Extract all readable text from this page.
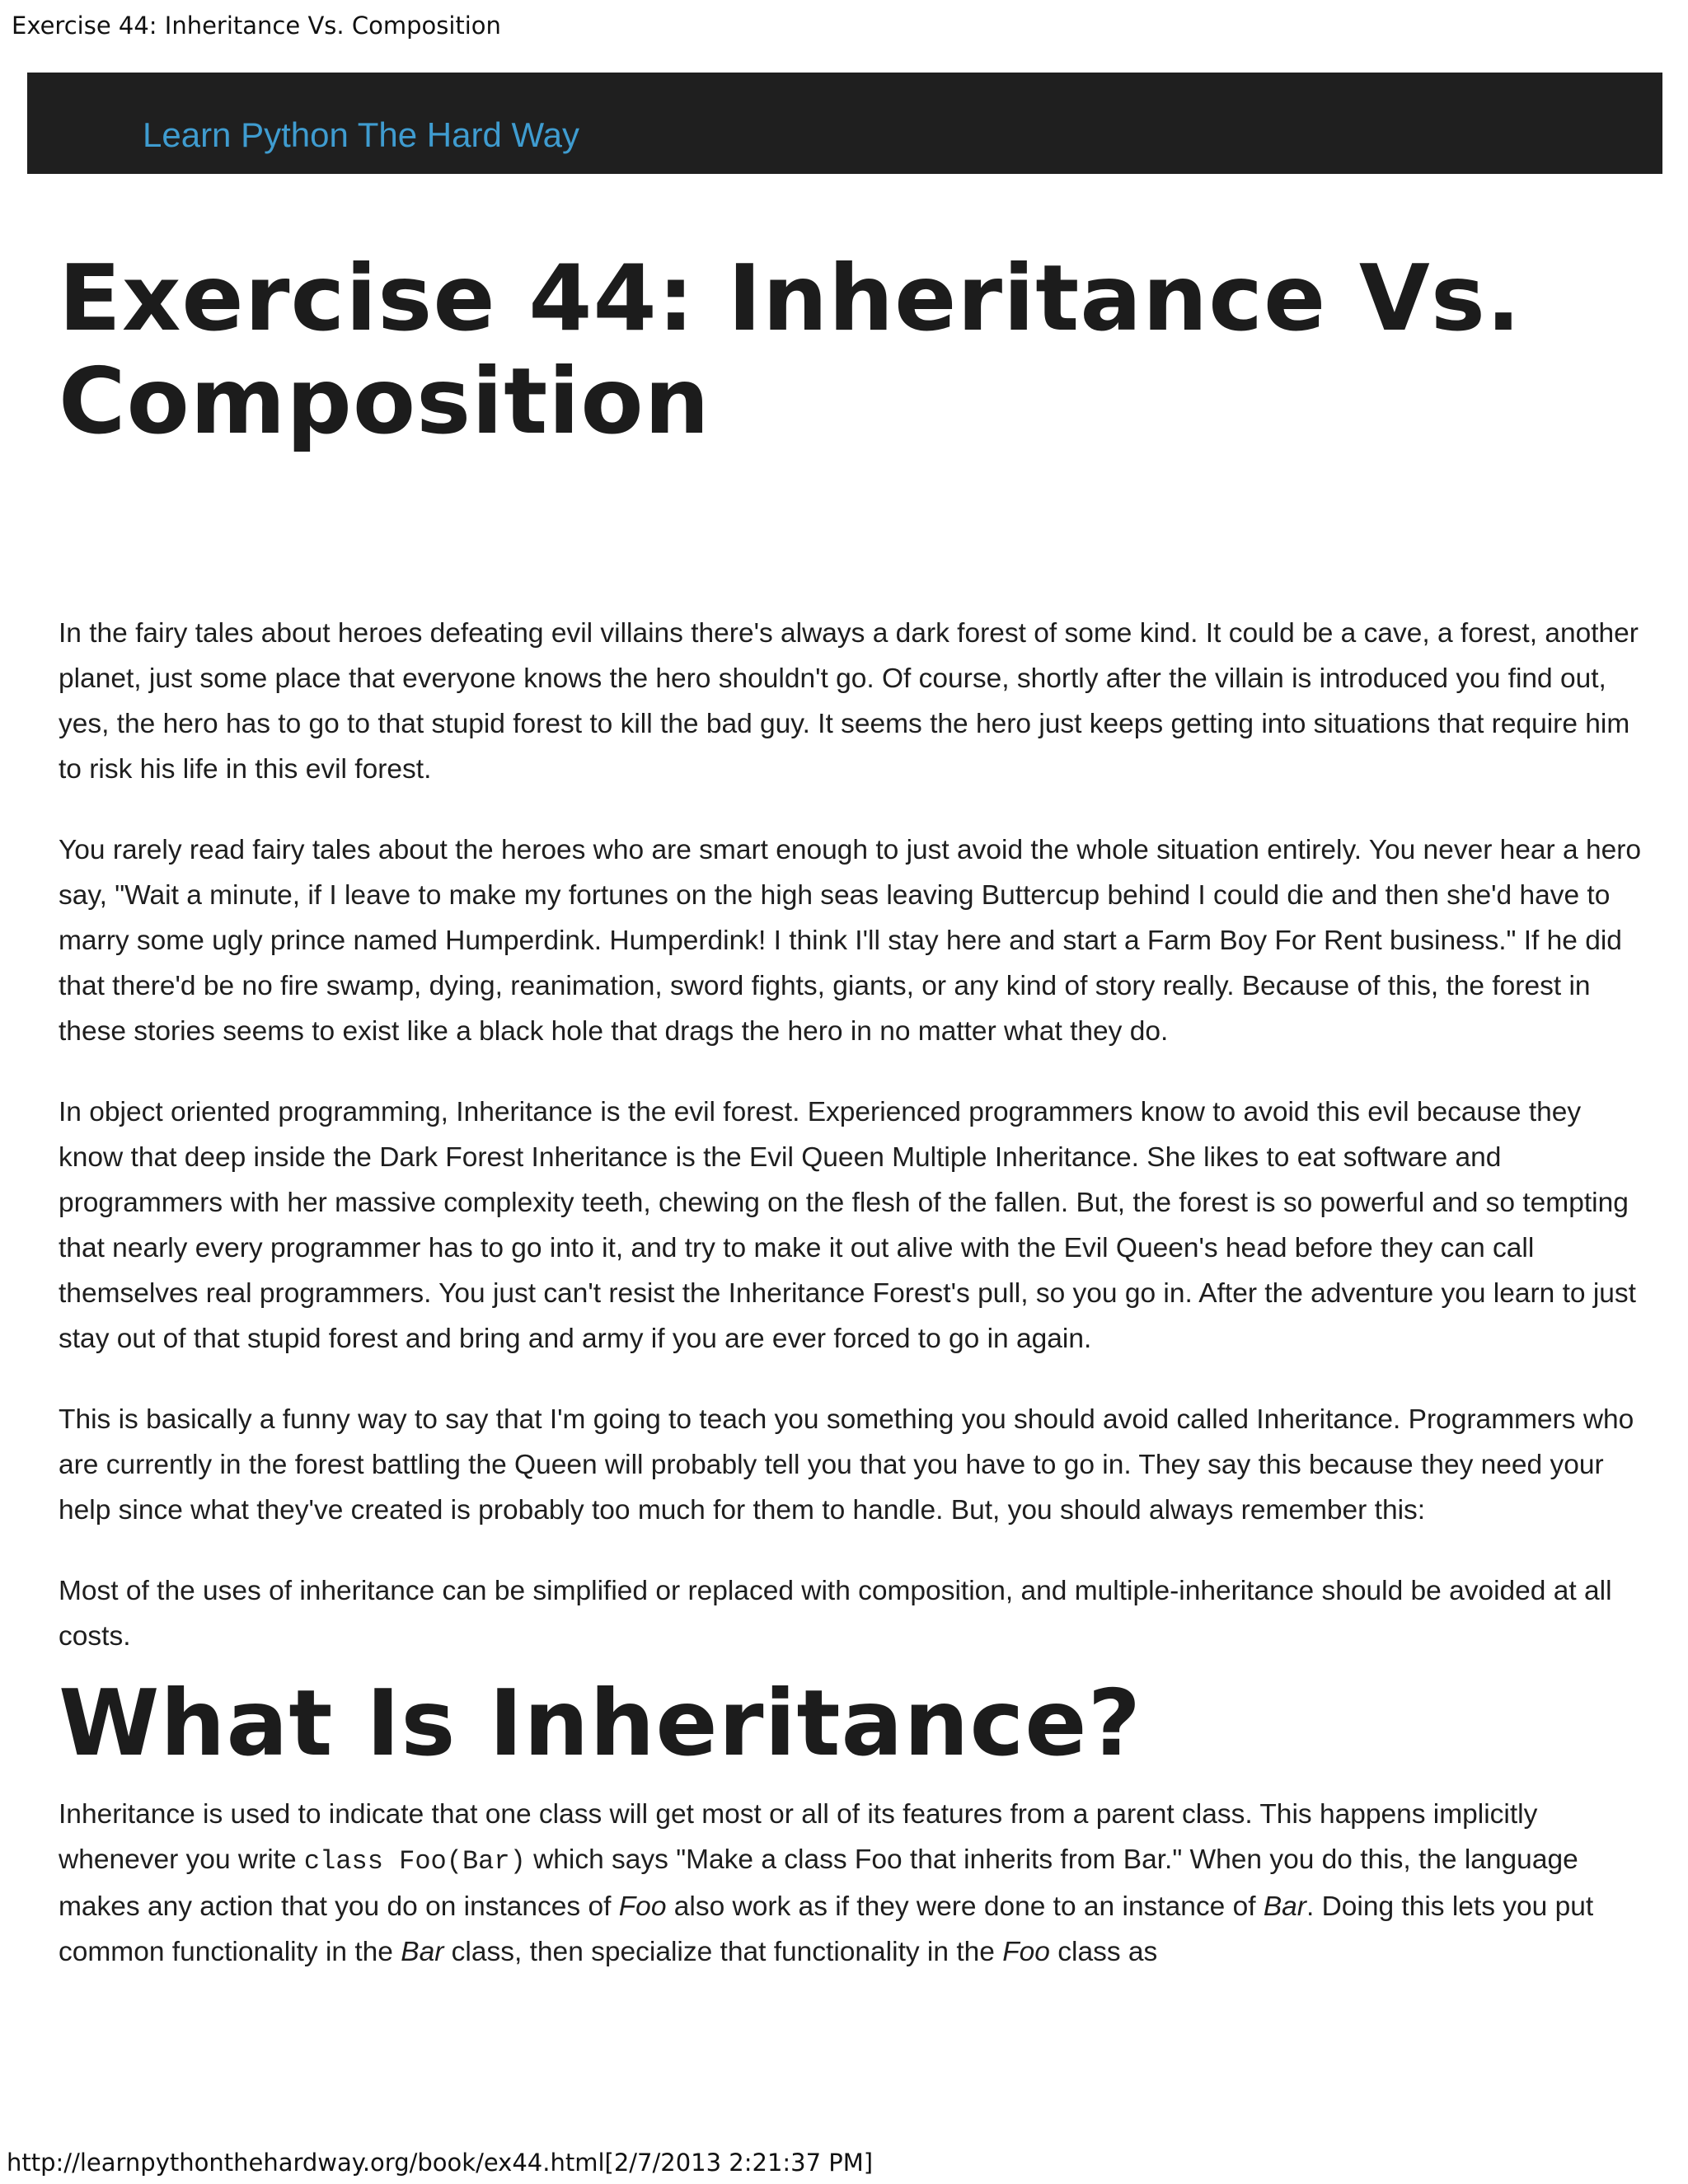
Exercise 44: Inheritance Vs. Composition
Learn Python The Hard Way
Exercise 44: Inheritance Vs. Composition

In the fairy tales about heroes defeating evil villains there's always a dark forest of some kind. It could be a cave, a forest, another planet, just some place that everyone knows the hero shouldn't go. Of course, shortly after the villain is introduced you find out, yes, the hero has to go to that stupid forest to kill the bad guy. It seems the hero just keeps getting into situations that require him to risk his life in this evil forest.

You rarely read fairy tales about the heroes who are smart enough to just avoid the whole situation entirely. You never hear a hero say, "Wait a minute, if I leave to make my fortunes on the high seas leaving Buttercup behind I could die and then she'd have to marry some ugly prince named Humperdink. Humperdink! I think I'll stay here and start a Farm Boy For Rent business." If he did that there'd be no fire swamp, dying, reanimation, sword fights, giants, or any kind of story really. Because of this, the forest in these stories seems to exist like a black hole that drags the hero in no matter what they do.

In object oriented programming, Inheritance is the evil forest. Experienced programmers know to avoid this evil because they know that deep inside the Dark Forest Inheritance is the Evil Queen Multiple Inheritance. She likes to eat software and programmers with her massive complexity teeth, chewing on the flesh of the fallen. But, the forest is so powerful and so tempting that nearly every programmer has to go into it, and try to make it out alive with the Evil Queen's head before they can call themselves real programmers. You just can't resist the Inheritance Forest's pull, so you go in. After the adventure you learn to just stay out of that stupid forest and bring and army if you are ever forced to go in again.

This is basically a funny way to say that I'm going to teach you something you should avoid called Inheritance. Programmers who are currently in the forest battling the Queen will probably tell you that you have to go in. They say this because they need your help since what they've created is probably too much for them to handle. But, you should always remember this:

Most of the uses of inheritance can be simplified or replaced with composition, and multiple-inheritance should be avoided at all costs.

What Is Inheritance?

Inheritance is used to indicate that one class will get most or all of its features from a parent class. This happens implicitly whenever you write class Foo(Bar) which says "Make a class Foo that inherits from Bar." When you do this, the language makes any action that you do on instances of Foo also work as if they were done to an instance of Bar. Doing this lets you put common functionality in the Bar class, then specialize that functionality in the Foo class as

http://learnpythonthehardway.org/book/ex44.html[2/7/2013 2:21:37 PM]
